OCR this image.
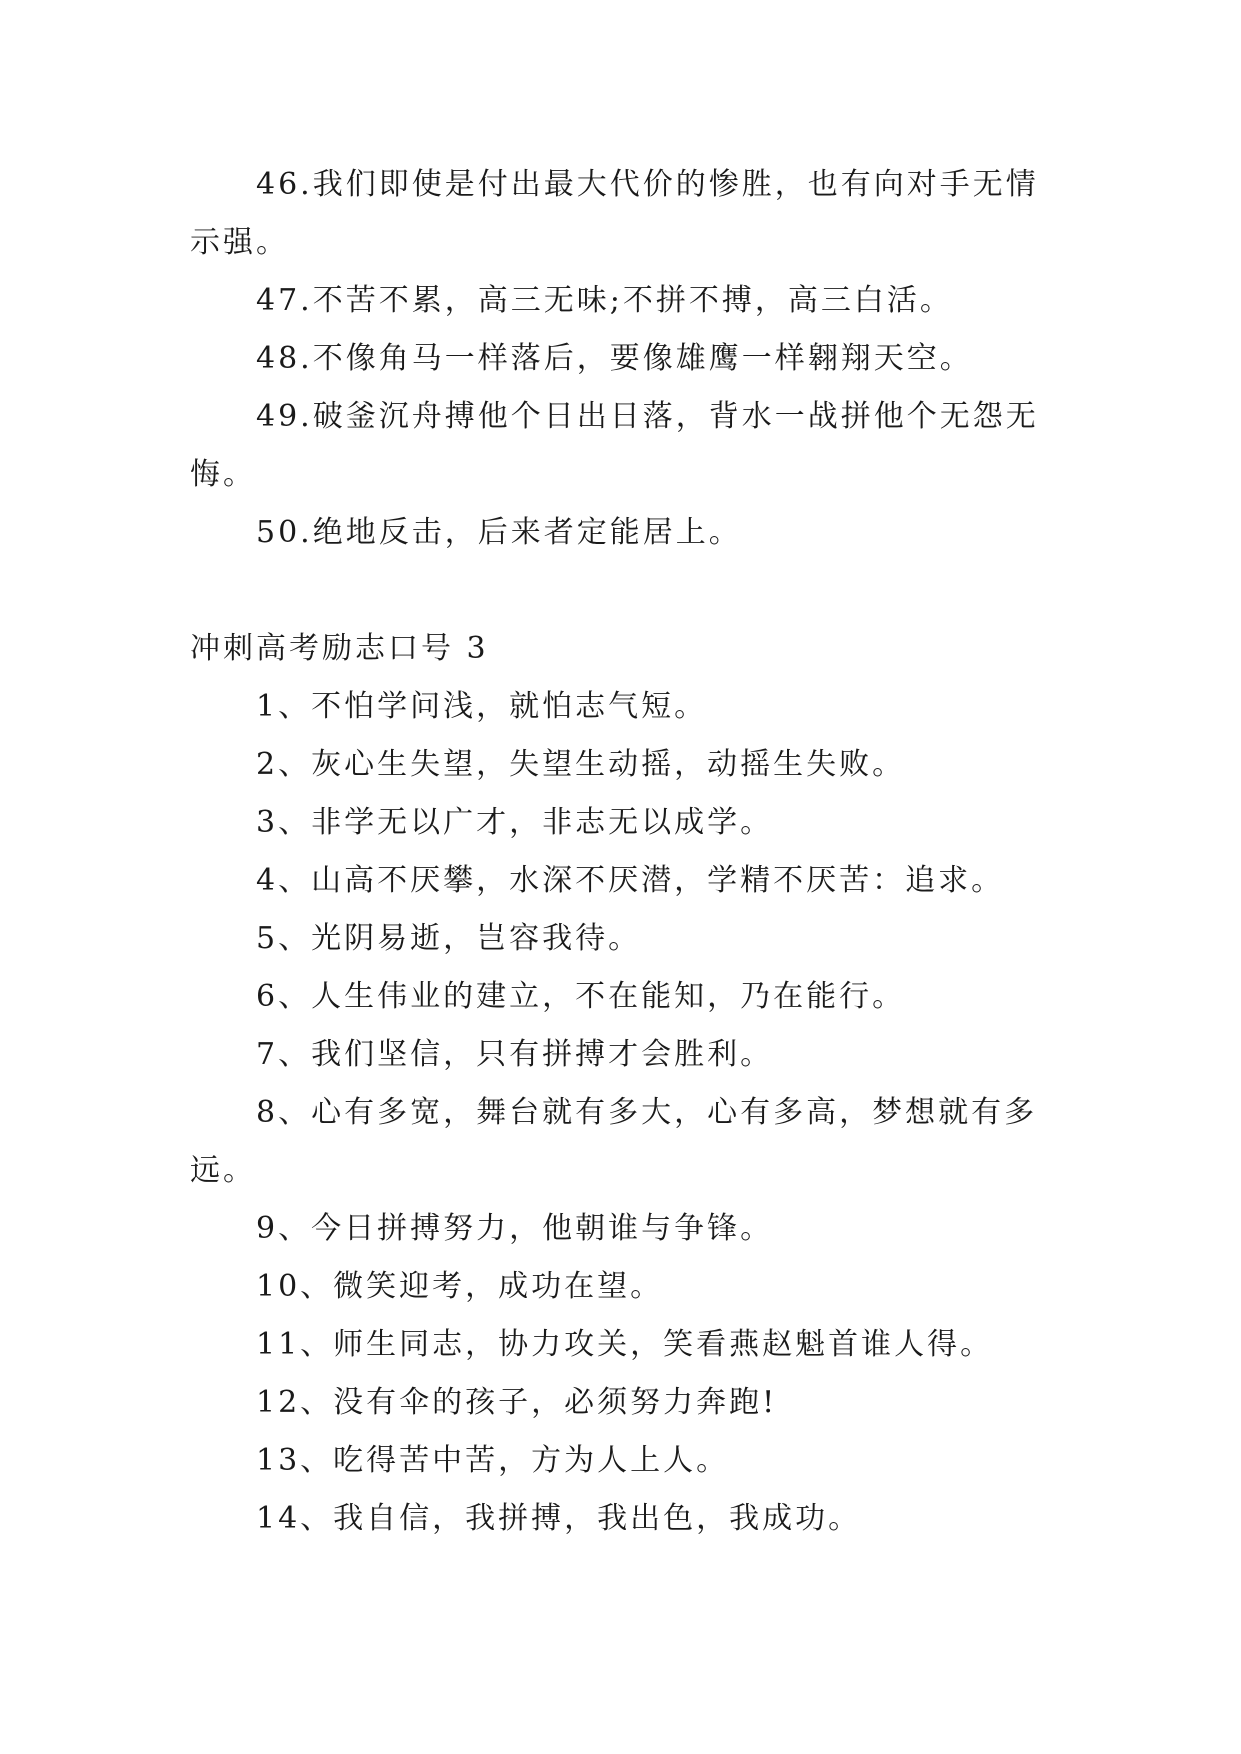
46.我们即使是付出最大代价的惨胜，也有向对手无情示强。

47.不苦不累，高三无味;不拼不搏，高三白活。

48.不像角马一样落后，要像雄鹰一样翱翔天空。

49.破釜沉舟搏他个日出日落，背水一战拼他个无怨无悔。

50.绝地反击，后来者定能居上。

冲刺高考励志口号 3

1、不怕学问浅，就怕志气短。

2、灰心生失望，失望生动摇，动摇生失败。

3、非学无以广才，非志无以成学。

4、山高不厌攀，水深不厌潜，学精不厌苦：追求。

5、光阴易逝，岂容我待。

6、人生伟业的建立，不在能知，乃在能行。

7、我们坚信，只有拼搏才会胜利。

8、心有多宽，舞台就有多大，心有多高，梦想就有多远。

9、今日拼搏努力，他朝谁与争锋。

10、微笑迎考，成功在望。

11、师生同志，协力攻关，笑看燕赵魁首谁人得。

12、没有伞的孩子，必须努力奔跑!

13、吃得苦中苦，方为人上人。

14、我自信，我拼搏，我出色，我成功。
